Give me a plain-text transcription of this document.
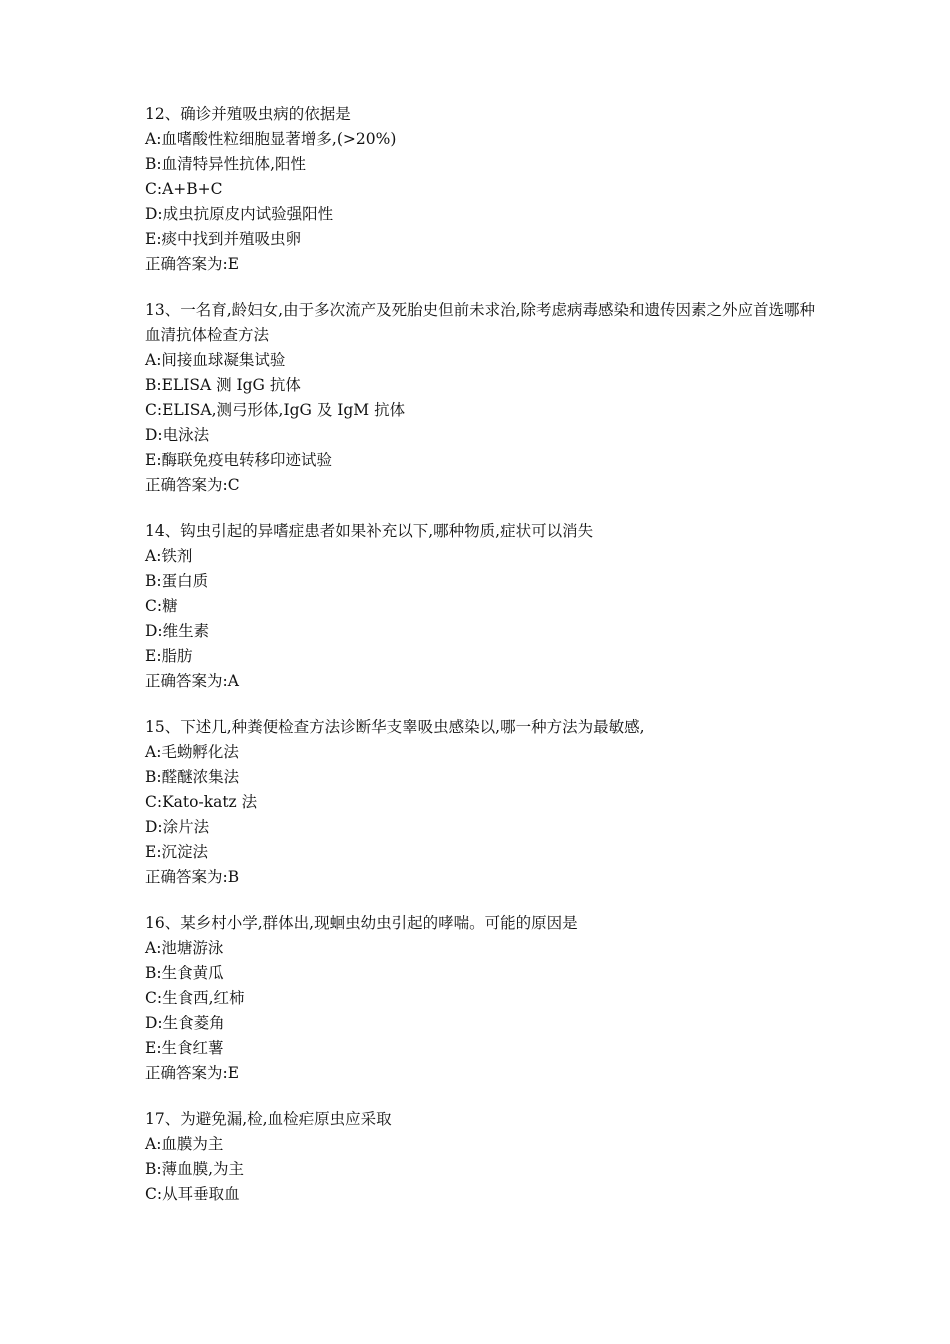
12、确诊并殖吸虫病的依据是
A:血嗜酸性粒细胞显著增多,(>20%)
B:血清特异性抗体,阳性
C:A+B+C
D:成虫抗原皮内试验强阳性
E:痰中找到并殖吸虫卵
正确答案为:E
13、一名育,龄妇女,由于多次流产及死胎史但前未求治,除考虑病毒感染和遗传因素之外应首选哪种血清抗体检查方法
A:间接血球凝集试验
B:ELISA 测 IgG 抗体
C:ELISA,测弓形体,IgG 及 IgM 抗体
D:电泳法
E:酶联免疫电转移印迹试验
正确答案为:C
14、钩虫引起的异嗜症患者如果补充以下,哪种物质,症状可以消失
A:铁剂
B:蛋白质
C:糖
D:维生素
E:脂肪
正确答案为:A
15、下述几,种粪便检查方法诊断华支睾吸虫感染以,哪一种方法为最敏感,
A:毛蚴孵化法
B:醛醚浓集法
C:Kato-katz 法
D:涂片法
E:沉淀法
正确答案为:B
16、某乡村小学,群体出,现蛔虫幼虫引起的哮喘。可能的原因是
A:池塘游泳
B:生食黄瓜
C:生食西,红柿
D:生食菱角
E:生食红薯
正确答案为:E
17、为避免漏,检,血检疟原虫应采取
A:血膜为主
B:薄血膜,为主
C:从耳垂取血
